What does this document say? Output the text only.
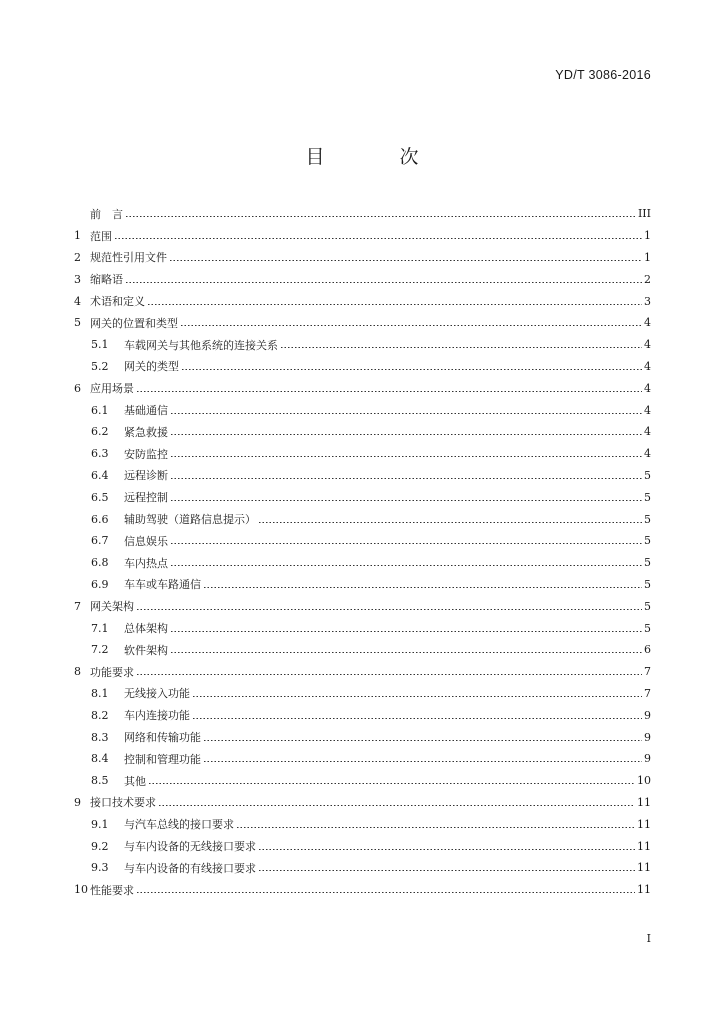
YD/T 3086-2016
目　次
前　言	III
1 范围	1
2 规范性引用文件	1
3 缩略语	2
4 术语和定义	3
5 网关的位置和类型	4
5.1	车载网关与其他系统的连接关系	4
5.2	网关的类型	4
6 应用场景	4
6.1	基础通信	4
6.2	紧急救援	4
6.3	安防监控	4
6.4	远程诊断	5
6.5	远程控制	5
6.6	辅助驾驶（道路信息提示）	5
6.7	信息娱乐	5
6.8	车内热点	5
6.9	车车或车路通信	5
7 网关架构	5
7.1	总体架构	5
7.2	软件架构	6
8 功能要求	7
8.1	无线接入功能	7
8.2	车内连接功能	9
8.3	网络和传输功能	9
8.4	控制和管理功能	9
8.5	其他	10
9 接口技术要求	11
9.1	与汽车总线的接口要求	11
9.2	与车内设备的无线接口要求	11
9.3	与车内设备的有线接口要求	11
10 性能要求	11
I
